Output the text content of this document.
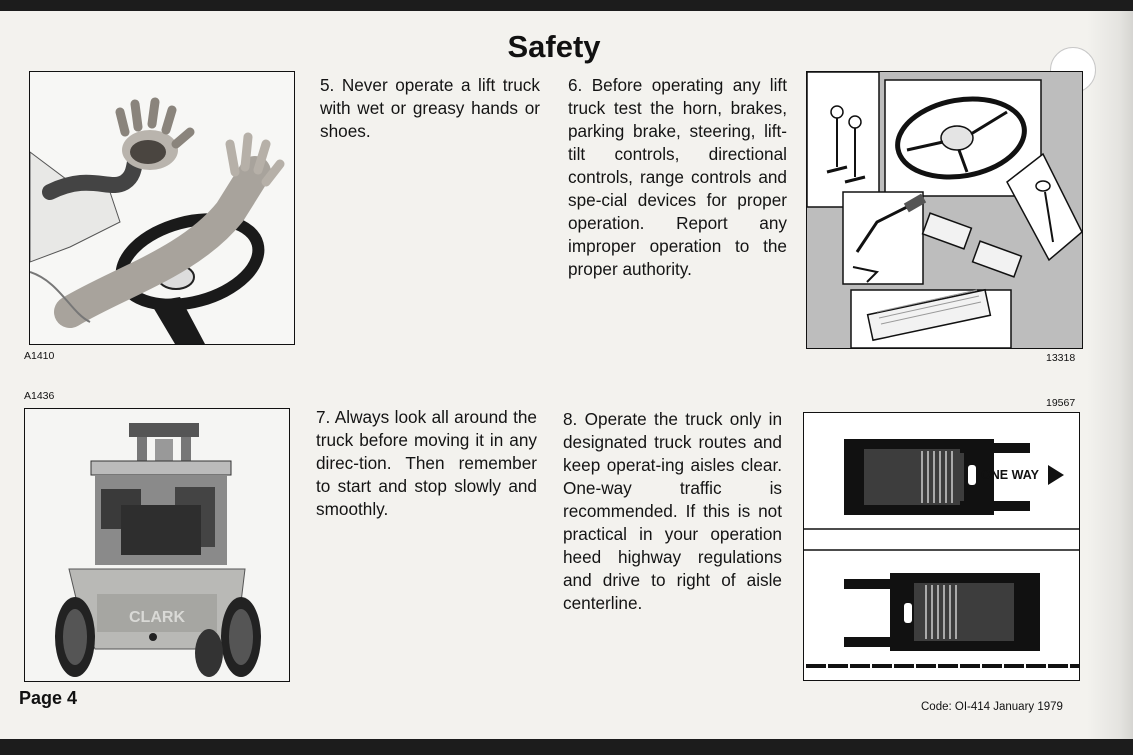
Safety
A1410	13318
A1436
CLARK
19567
ONE WAY
5. Never operate a lift truck with wet or greasy hands or shoes.
6. Before operating any lift truck test the horn, brakes, parking brake, steering, lift-tilt controls, directional controls, range controls and spe-cial devices for proper operation. Report any improper operation to the proper authority.
7. Always look all around the truck before moving it in any direc-tion. Then remember to start and stop slowly and smoothly.
8. Operate the truck only in designated truck routes and keep operat-ing aisles clear. One-way traffic is recommended. If this is not practical in your operation heed highway regulations and drive to right of aisle centerline.
Page 4	Code: OI-414 January 1979
